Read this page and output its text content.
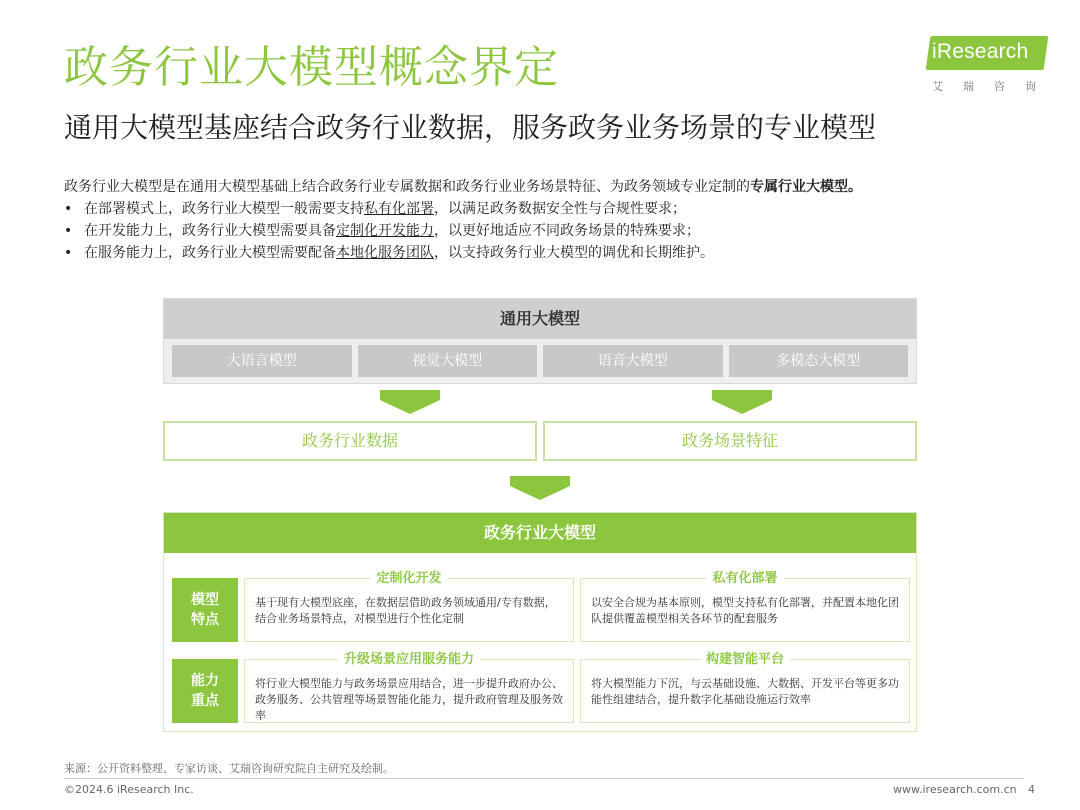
政务行业大模型概念界定
通用大模型基座结合政务行业数据，服务政务业务场景的专业模型
iResearch
艾瑞咨询

政务行业大模型是在通用大模型基础上结合政务行业专属数据和政务行业业务场景特征、为政务领域专业定制的专属行业大模型。

• 在部署模式上，政务行业大模型一般需要支持私有化部署，以满足政务数据安全性与合规性要求；
• 在开发能力上，政务行业大模型需要具备定制化开发能力，以更好地适应不同政务场景的特殊要求；
• 在服务能力上，政务行业大模型需要配备本地化服务团队，以支持政务行业大模型的调优和长期维护。
通用大模型
大语言模型	视觉大模型	语音大模型	多模态大模型
政务行业数据	政务场景特征
政务行业大模型
模型
特点
定制化开发
基于现有大模型底座，在数据层借助政务领域通用/专有数据，结合业务场景特点，对模型进行个性化定制
私有化部署
以安全合规为基本原则，模型支持私有化部署，并配置本地化团队提供覆盖模型相关各环节的配套服务
能力
重点
升级场景应用服务能力
将行业大模型能力与政务场景应用结合，进一步提升政府办公、政务服务、公共管理等场景智能化能力，提升政府管理及服务效率
构建智能平台
将大模型能力下沉，与云基础设施、大数据、开发平台等更多功能性组建结合，提升数字化基础设施运行效率
来源：公开资料整理、专家访谈、艾瑞咨询研究院自主研究及绘制。
©2024.6 iResearch Inc.	www.iresearch.com.cn 4
